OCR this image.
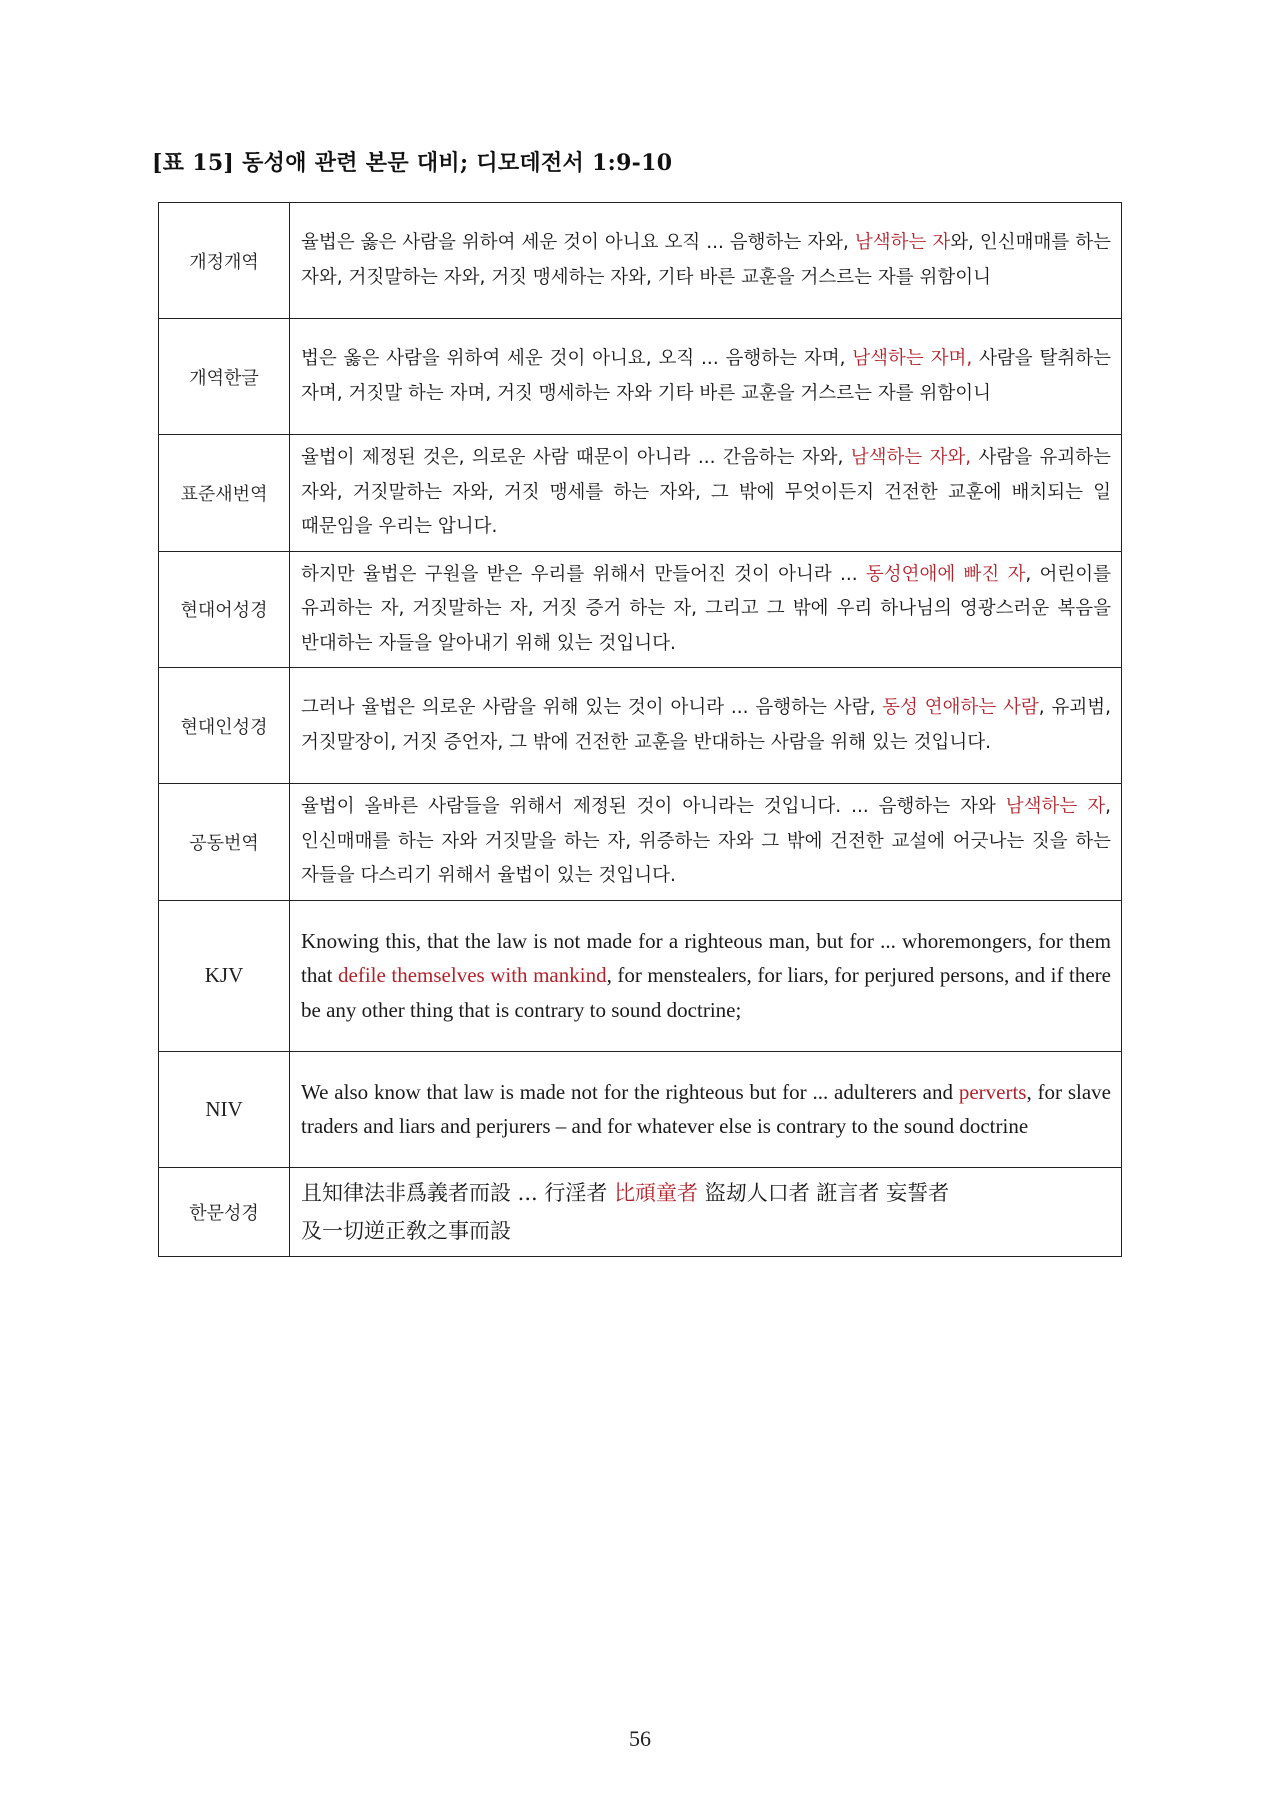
[표 15] 동성애 관련 본문 대비; 디모데전서 1:9-10
개정개역	율법은 옳은 사람을 위하여 세운 것이 아니요 오직 ... 음행하는 자와, 남색하는 자와, 인신매매를 하는 자와, 거짓말하는 자와, 거짓 맹세하는 자와, 기타 바른 교훈을 거스르는 자를 위함이니
개역한글	법은 옳은 사람을 위하여 세운 것이 아니요, 오직 ... 음행하는 자며, 남색하는 자며, 사람을 탈취하는 자며, 거짓말 하는 자며, 거짓 맹세하는 자와 기타 바른 교훈을 거스르는 자를 위함이니
표준새번역	율법이 제정된 것은, 의로운 사람 때문이 아니라 ... 간음하는 자와, 남색하는 자와, 사람을 유괴하는 자와, 거짓말하는 자와, 거짓 맹세를 하는 자와, 그 밖에 무엇이든지 건전한 교훈에 배치되는 일 때문임을 우리는 압니다.
현대어성경	하지만 율법은 구원을 받은 우리를 위해서 만들어진 것이 아니라 ... 동성연애에 빠진 자, 어린이를 유괴하는 자, 거짓말하는 자, 거짓 증거 하는 자, 그리고 그 밖에 우리 하나님의 영광스러운 복음을 반대하는 자들을 알아내기 위해 있는 것입니다.
현대인성경	그러나 율법은 의로운 사람을 위해 있는 것이 아니라 ... 음행하는 사람, 동성 연애하는 사람, 유괴범, 거짓말장이, 거짓 증언자, 그 밖에 건전한 교훈을 반대하는 사람을 위해 있는 것입니다.
공동번역	율법이 올바른 사람들을 위해서 제정된 것이 아니라는 것입니다. ... 음행하는 자와 남색하는 자, 인신매매를 하는 자와 거짓말을 하는 자, 위증하는 자와 그 밖에 건전한 교설에 어긋나는 짓을 하는 자들을 다스리기 위해서 율법이 있는 것입니다.
KJV	Knowing this, that the law is not made for a righteous man, but for ... whoremongers, for them that defile themselves with mankind, for menstealers, for liars, for perjured persons, and if there be any other thing that is contrary to sound doctrine;
NIV	We also know that law is made not for the righteous but for ... adulterers and perverts, for slave traders and liars and perjurers – and for whatever else is contrary to the sound doctrine
한문성경	且知律法非爲義者而設 ... 行淫者 比頑童者 盜刼人口者 誑言者 妄誓者 及一切逆正敎之事而設
56
